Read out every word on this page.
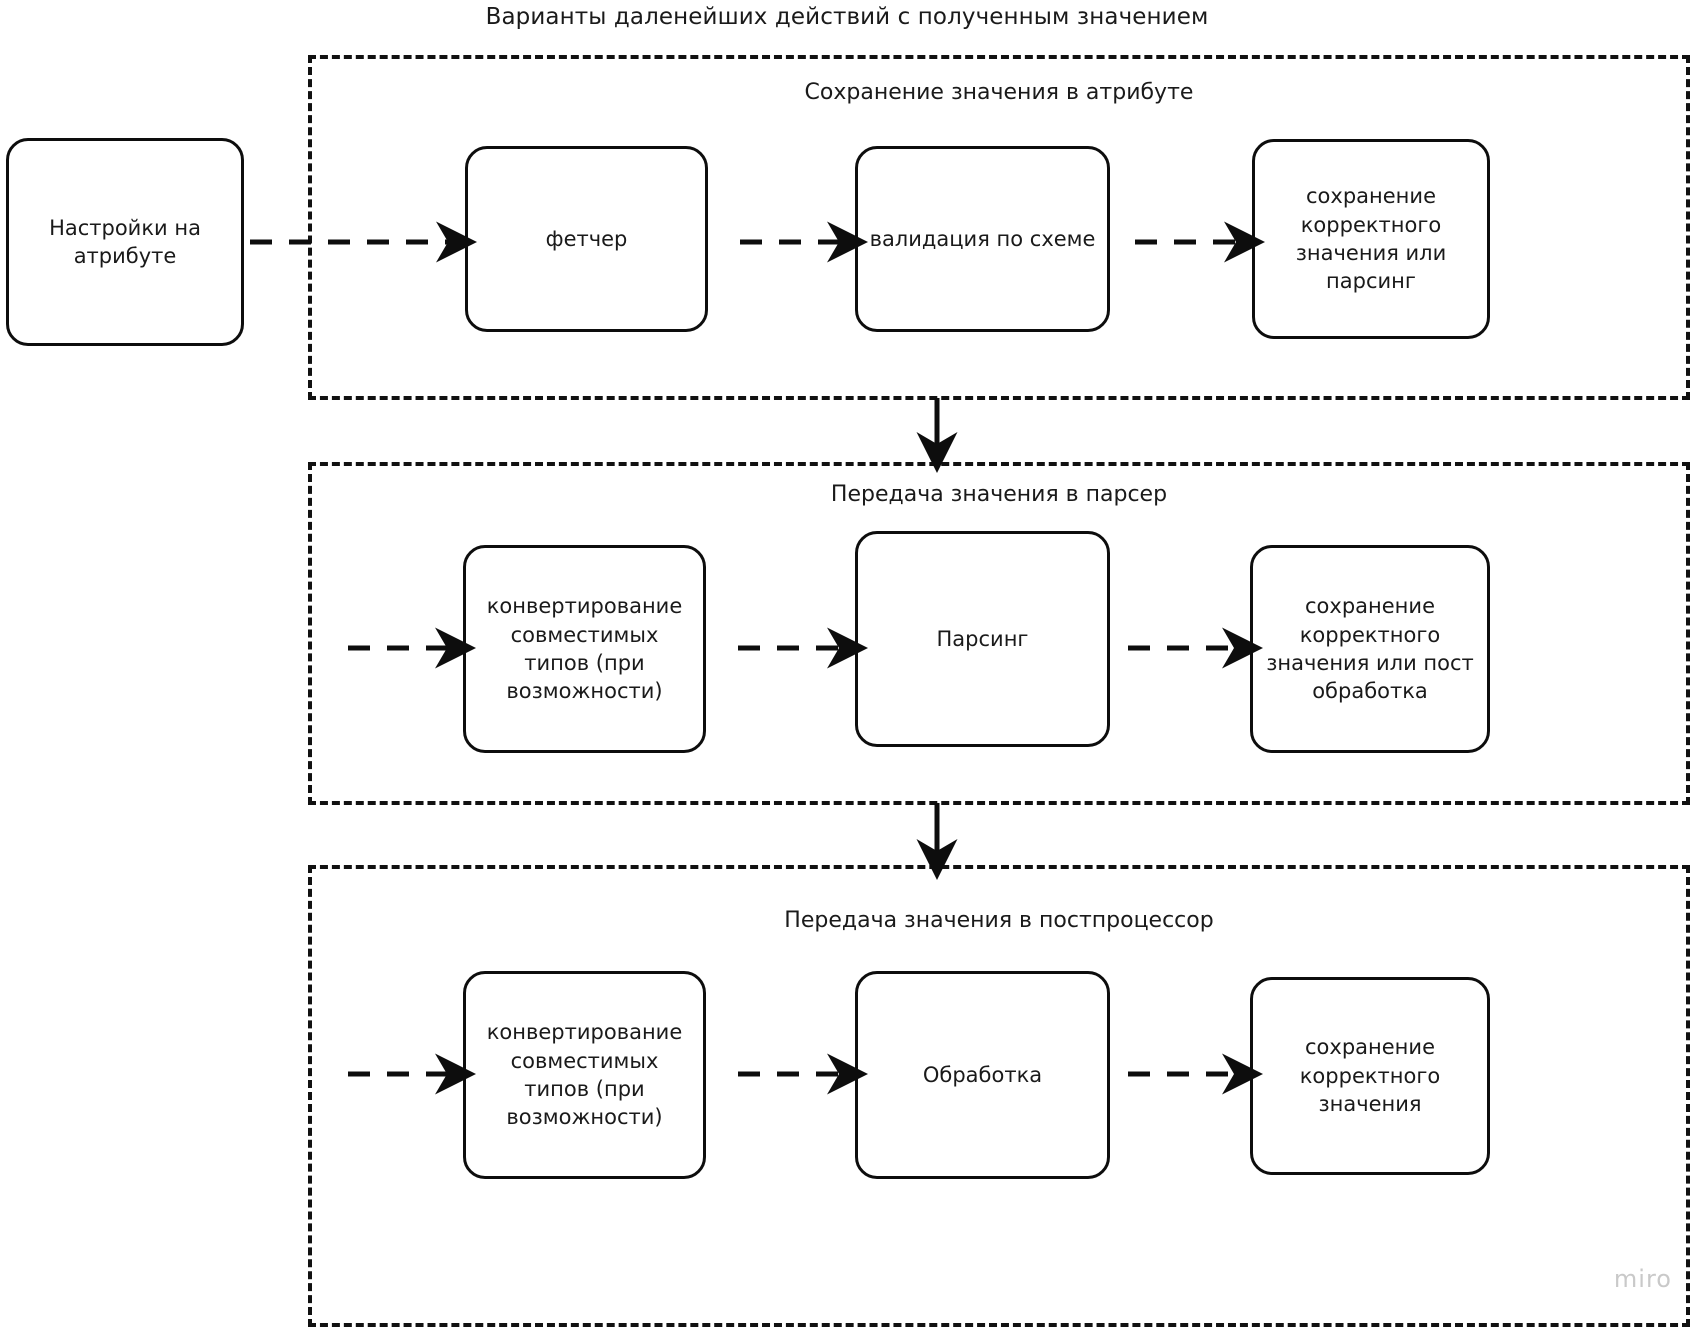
Варианты даленейших действий с полученным значением
Сохранение значения в атрибуте
Передача значения в парсер
Передача значения в постпроцессор
Настройки на атрибуте
фетчер	валидация по схеме
сохранение корректного значения или парсинг
конвертирование совместимых типов (при возможности)
Парсинг
сохранение корректного значения или пост обработка
конвертирование совместимых типов (при возможности)
Обработка
сохранение корректного значения
miro
